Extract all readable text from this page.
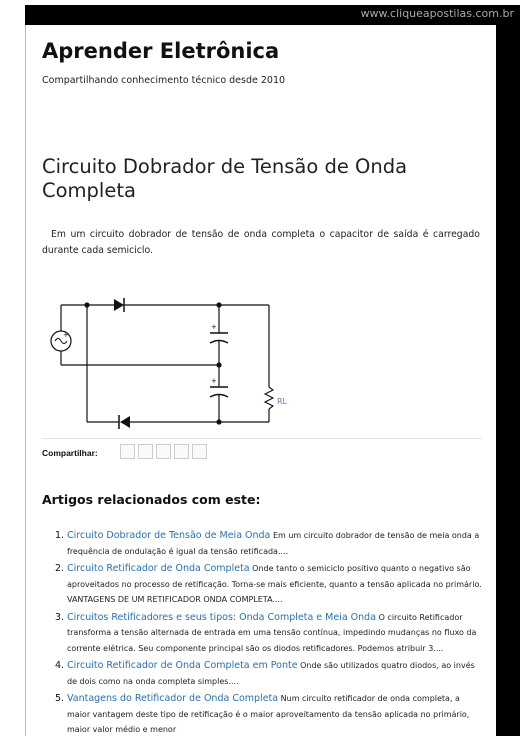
www.cliqueapostilas.com.br
Aprender Eletrônica
Compartilhando conhecimento técnico desde 2010
Circuito Dobrador de Tensão de Onda Completa

Em um circuito dobrador de tensão de onda completa o capacitor de saída é carregado durante cada semiciclo.

+
+
+
RL
Compartilhar:
Artigos relacionados com este:
1. Circuito Dobrador de Tensão de Meia Onda Em um circuito dobrador de tensão de meia onda a frequência de ondulação é igual da tensão retificada....
2. Circuito Retificador de Onda Completa Onde tanto o semiciclo positivo quanto o negativo são aproveitados no processo de retificação. Torna-se mais eficiente, quanto a tensão aplicada no primário. VANTAGENS DE UM RETIFICADOR ONDA COMPLETA....
3. Circuitos Retificadores e seus tipos: Onda Completa e Meia Onda O circuito Retificador transforma a tensão alternada de entrada em uma tensão contínua, impedindo mudanças no fluxo da corrente elétrica. Seu componente principal são os diodos retificadores. Podemos atribuir 3....
4. Circuito Retificador de Onda Completa em Ponte Onde são utilizados quatro diodos, ao invés de dois como na onda completa simples....
5. Vantagens do Retificador de Onda Completa Num circuito retificador de onda completa, a maior vantagem deste tipo de retificação é o maior aproveitamento da tensão aplicada no primário, maior valor médio e menor
